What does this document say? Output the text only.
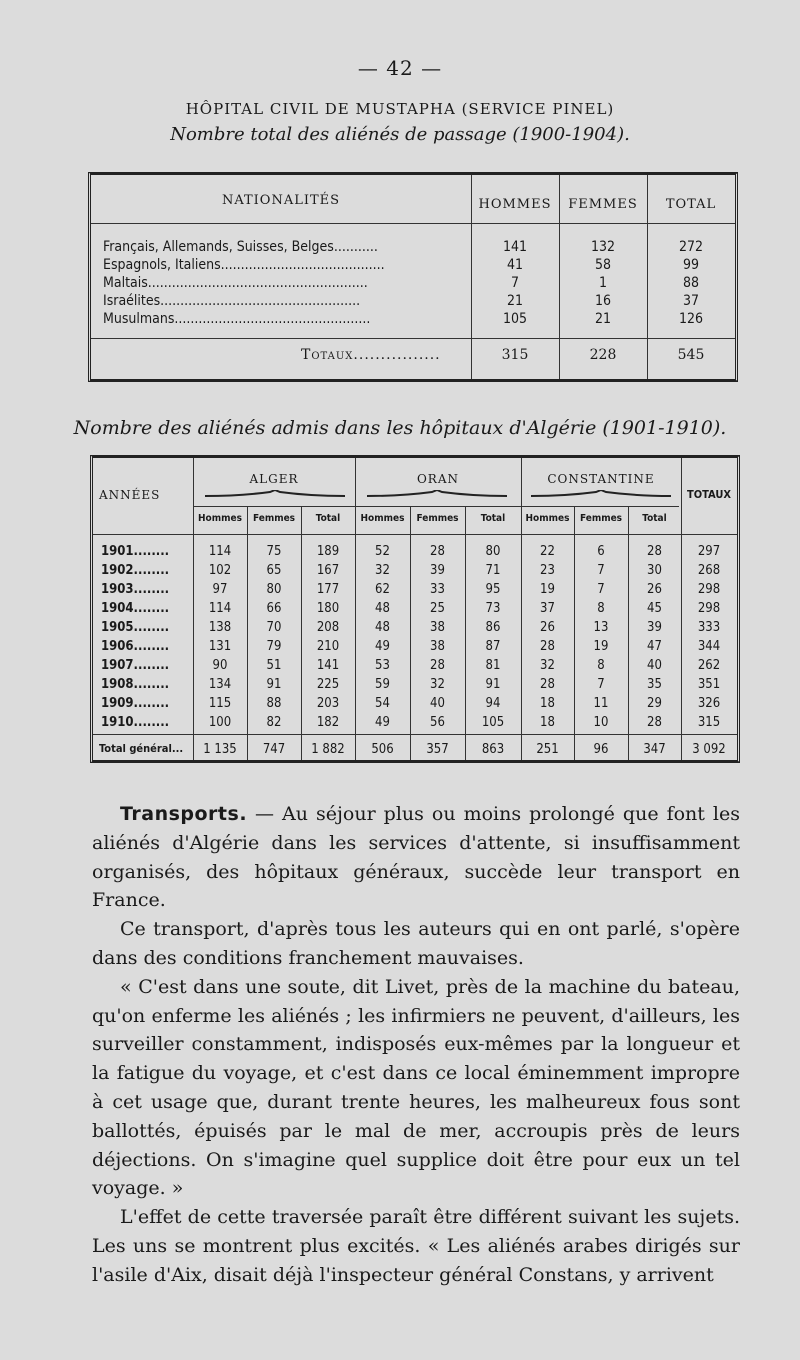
— 42 —
HÔPITAL CIVIL DE MUSTAPHA (SERVICE PINEL)
Nombre total des aliénés de passage (1900-1904).
NATIONALITÉS	HOMMES	FEMMES	TOTAL
Français, Allemands, Suisses, Belges...........	141	132	272
Espagnols, Italiens.........................................	41	58	99
Maltais.......................................................	7	1	88
Israélites..................................................	21	16	37
Musulmans.................................................	105	21	126
Totaux................	315	228	545
Nombre des aliénés admis dans les hôpitaux d'Algérie (1901-1910).
ANNÉES	TOTAUX
ALGER	ORAN	CONSTANTINE
Hommes	Femmes	Total	Hommes	Femmes	Total	Hommes	Femmes	Total
1901........	114	75	189	52	28	80	22	6	28	297
1902........	102	65	167	32	39	71	23	7	30	268
1903........	97	80	177	62	33	95	19	7	26	298
1904........	114	66	180	48	25	73	37	8	45	298
1905........	138	70	208	48	38	86	26	13	39	333
1906........	131	79	210	49	38	87	28	19	47	344
1907........	90	51	141	53	28	81	32	8	40	262
1908........	134	91	225	59	32	91	28	7	35	351
1909........	115	88	203	54	40	94	18	11	29	326
1910........	100	82	182	49	56	105	18	10	28	315
Total général...	1 135	747	1 882	506	357	863	251	96	347	3 092

Transports. — Au séjour plus ou moins prolongé que font les aliénés d'Algérie dans les services d'attente, si insuffisamment organisés, des hôpitaux généraux, succède leur transport en France.

Ce transport, d'après tous les auteurs qui en ont parlé, s'opère dans des conditions franchement mauvaises.

« C'est dans une soute, dit Livet, près de la machine du bateau, qu'on enferme les aliénés ; les infirmiers ne peuvent, d'ailleurs, les surveiller constamment, indisposés eux-mêmes par la longueur et la fatigue du voyage, et c'est dans ce local éminemment impropre à cet usage que, durant trente heures, les malheureux fous sont ballottés, épuisés par le mal de mer, accroupis près de leurs déjections. On s'imagine quel supplice doit être pour eux un tel voyage. »

L'effet de cette traversée paraît être différent suivant les sujets. Les uns se montrent plus excités. « Les aliénés arabes dirigés sur l'asile d'Aix, disait déjà l'inspecteur général Constans, y arrivent
